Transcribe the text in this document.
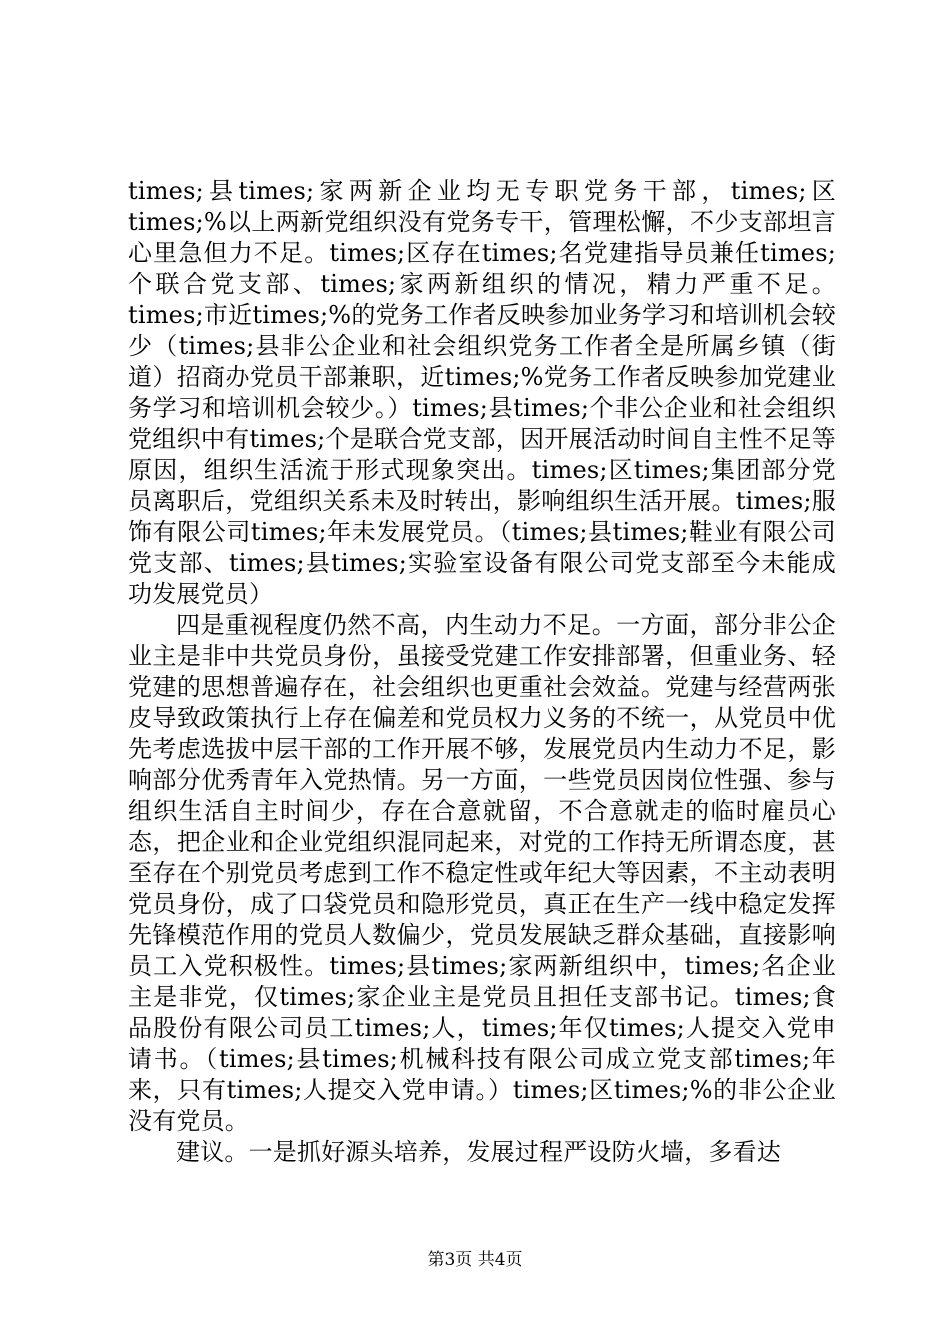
times;县times;家两新企业均无专职党务干部，times;区times;%以上两新党组织没有党务专干，管理松懈，不少支部坦言心里急但力不足。times;区存在times;名党建指导员兼任times;个联合党支部、times;家两新组织的情况，精力严重不足。times;市近times;%的党务工作者反映参加业务学习和培训机会较少（times;县非公企业和社会组织党务工作者全是所属乡镇（街道）招商办党员干部兼职，近times;%党务工作者反映参加党建业务学习和培训机会较少。）times;县times;个非公企业和社会组织党组织中有times;个是联合党支部，因开展活动时间自主性不足等原因，组织生活流于形式现象突出。times;区times;集团部分党员离职后，党组织关系未及时转出，影响组织生活开展。times;服饰有限公司times;年未发展党员。（times;县times;鞋业有限公司党支部、times;县times;实验室设备有限公司党支部至今未能成功发展党员）

四是重视程度仍然不高，内生动力不足。一方面，部分非公企业主是非中共党员身份，虽接受党建工作安排部署，但重业务、轻党建的思想普遍存在，社会组织也更重社会效益。党建与经营两张皮导致政策执行上存在偏差和党员权力义务的不统一，从党员中优先考虑选拔中层干部的工作开展不够，发展党员内生动力不足，影响部分优秀青年入党热情。另一方面，一些党员因岗位性强、参与组织生活自主时间少，存在合意就留，不合意就走的临时雇员心态，把企业和企业党组织混同起来，对党的工作持无所谓态度，甚至存在个别党员考虑到工作不稳定性或年纪大等因素，不主动表明党员身份，成了口袋党员和隐形党员，真正在生产一线中稳定发挥先锋模范作用的党员人数偏少，党员发展缺乏群众基础，直接影响员工入党积极性。times;县times;家两新组织中，times;名企业主是非党，仅times;家企业主是党员且担任支部书记。times;食品股份有限公司员工times;人，times;年仅times;人提交入党申请书。（times;县times;机械科技有限公司成立党支部times;年来，只有times;人提交入党申请。）times;区times;%的非公企业没有党员。

建议。一是抓好源头培养，发展过程严设防火墙，多看达

第3页 共4页
